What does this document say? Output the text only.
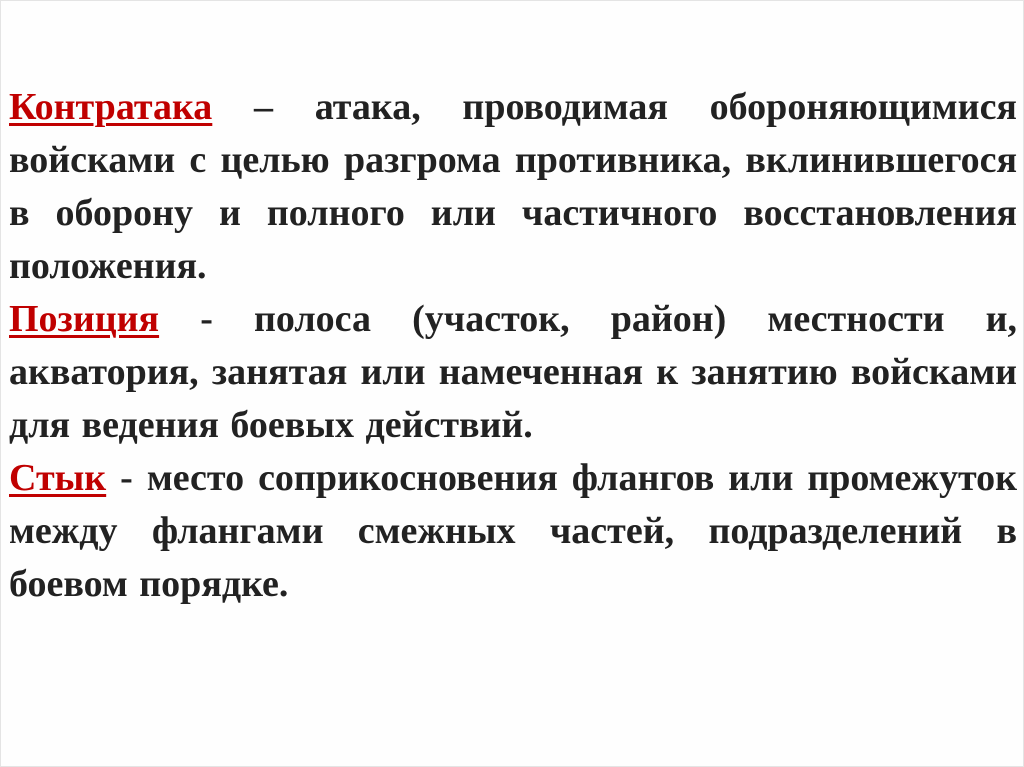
Контратака – атака, проводимая обороняющимися войсками с целью разгрома противника, вклинившегося в оборону и полного или частичного восстановления положения.

Позиция - полоса (участок, район) местности и, акватория, занятая или намеченная к занятию войсками для ведения боевых действий.

Стык - место соприкосновения флангов или промежуток между флангами смежных частей, подразделений в боевом порядке.
